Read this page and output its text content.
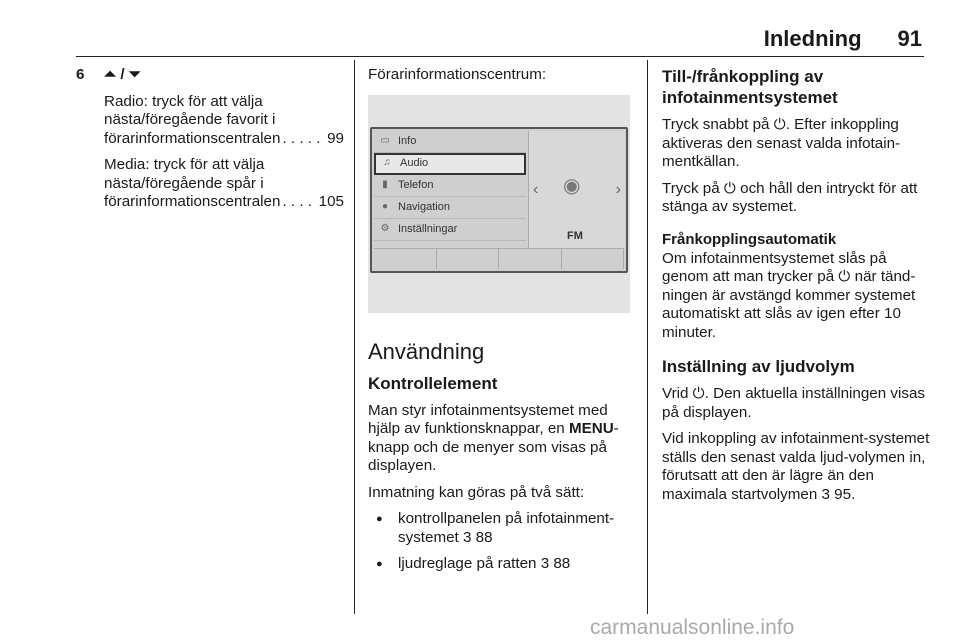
Inledning 91
6 ⏶ / ⏷

Radio: tryck för att välja
nästa/föregående favorit i
förarinformationscentralen . . .	99

Media: tryck för att välja
nästa/föregående spår i
förarinformationscentralen . . .	105

Förarinformationscentrum:

▭ Info
♫ Audio
▮ Telefon
● Navigation
⚙ Inställningar
‹	›
◉
FM
Användning
Kontrollelement

Man styr infotainmentsystemet med hjälp av funktionsknappar, en MENU-knapp och de menyer som visas på displayen.

Inmatning kan göras på två sätt:

● kontrollpanelen på infotainment-systemet 3 88
● ljudreglage på ratten 3 88
Till-/frånkoppling av infotainmentsystemet

Tryck snabbt på ⏻. Efter inkoppling aktiveras den senast valda infotain-mentkällan.

Tryck på ⏻ och håll den intryckt för att stänga av systemet.

Frånkopplingsautomatik

Om infotainmentsystemet slås på genom att man trycker på ⏻ när tänd-ningen är avstängd kommer systemet automatiskt att slås av igen efter 10 minuter.

Inställning av ljudvolym

Vrid ⏻. Den aktuella inställningen visas på displayen.

Vid inkoppling av infotainment-systemet ställs den senast valda ljud-volymen in, förutsatt att den är lägre än den maximala startvolymen 3 95.

carmanualsonline.info
